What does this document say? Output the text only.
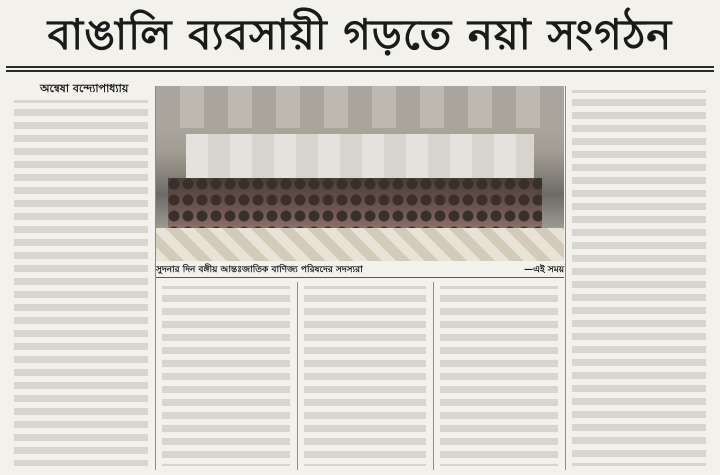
বাঙালি ব্যবসায়ী গড়তে নয়া সংগঠন
অন্বেষা বন্দ্যোপাধ্যায়
সুদনার দিন বঙ্গীয় আন্তঃজাতিক বাণিজ্য পরিষদের সদস্যরা	—এই সময়
